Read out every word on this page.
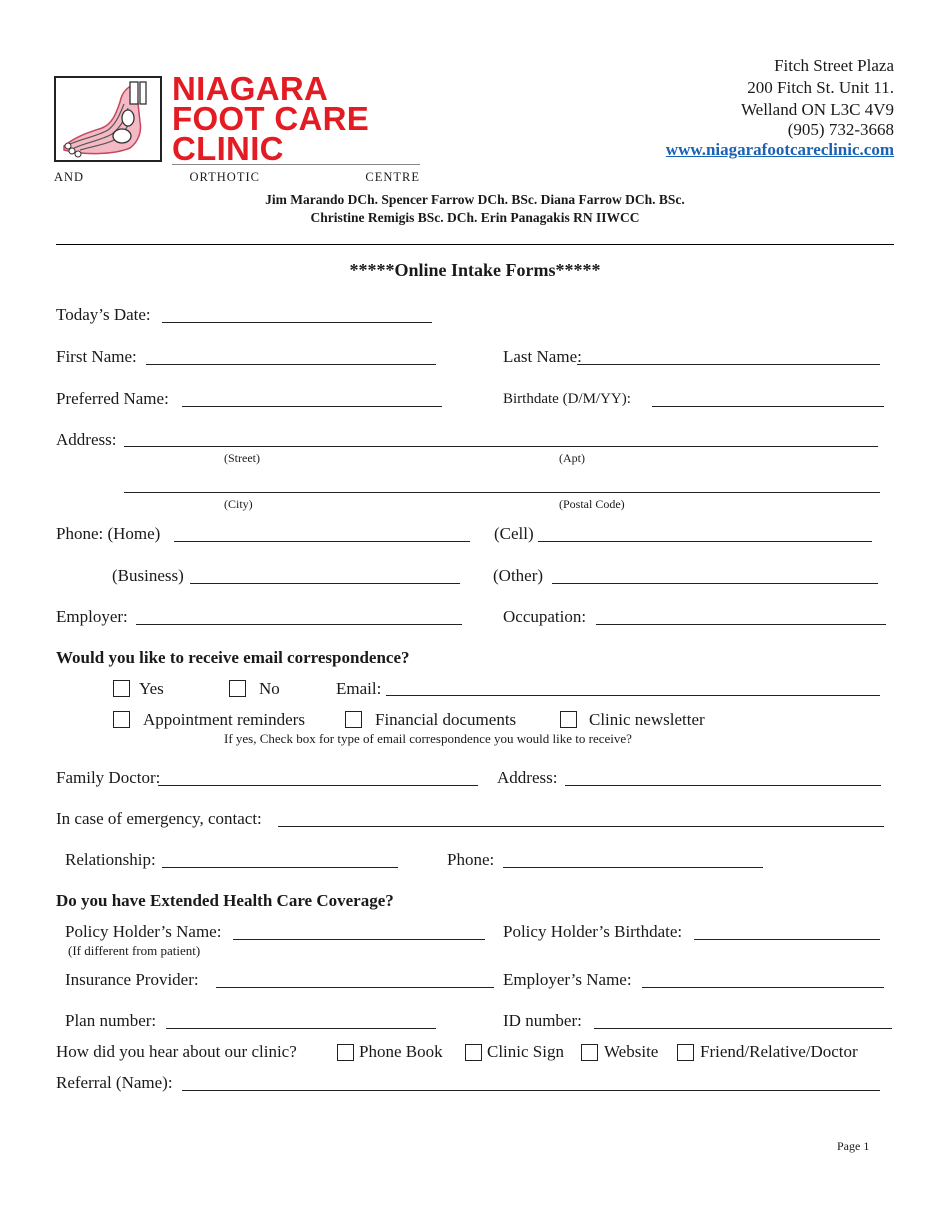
NIAGARA
FOOT CARE
CLINIC
AND	ORTHOTIC	CENTRE
Fitch Street Plaza
200 Fitch St. Unit 11.
Welland ON L3C 4V9
(905) 732-3668
www.niagarafootcareclinic.com
Jim Marando DCh. Spencer Farrow DCh. BSc. Diana Farrow DCh. BSc.
Christine Remigis BSc. DCh. Erin Panagakis RN IIWCC
*****Online Intake Forms*****
Today’s Date:
First Name:	Last Name:
Preferred Name:	Birthdate (D/M/YY):
Address:
(Street)	(Apt)
(City)	(Postal Code)
Phone: (Home)	(Cell)
(Business)	(Other)
Employer:	Occupation:
Would you like to receive email correspondence?
Yes	No	Email:
Appointment reminders	Financial documents	Clinic newsletter
If yes, Check box for type of email correspondence you would like to receive?
Family Doctor:	Address:
In case of emergency, contact:
Relationship:	Phone:
Do you have Extended Health Care Coverage?
Policy Holder’s Name:
(If different from patient)
Policy Holder’s Birthdate:
Insurance Provider:	Employer’s Name:
Plan number:	ID number:
How did you hear about our clinic?	Phone Book	Clinic Sign Website Friend/Relative/Doctor
Referral (Name):
Page 1
